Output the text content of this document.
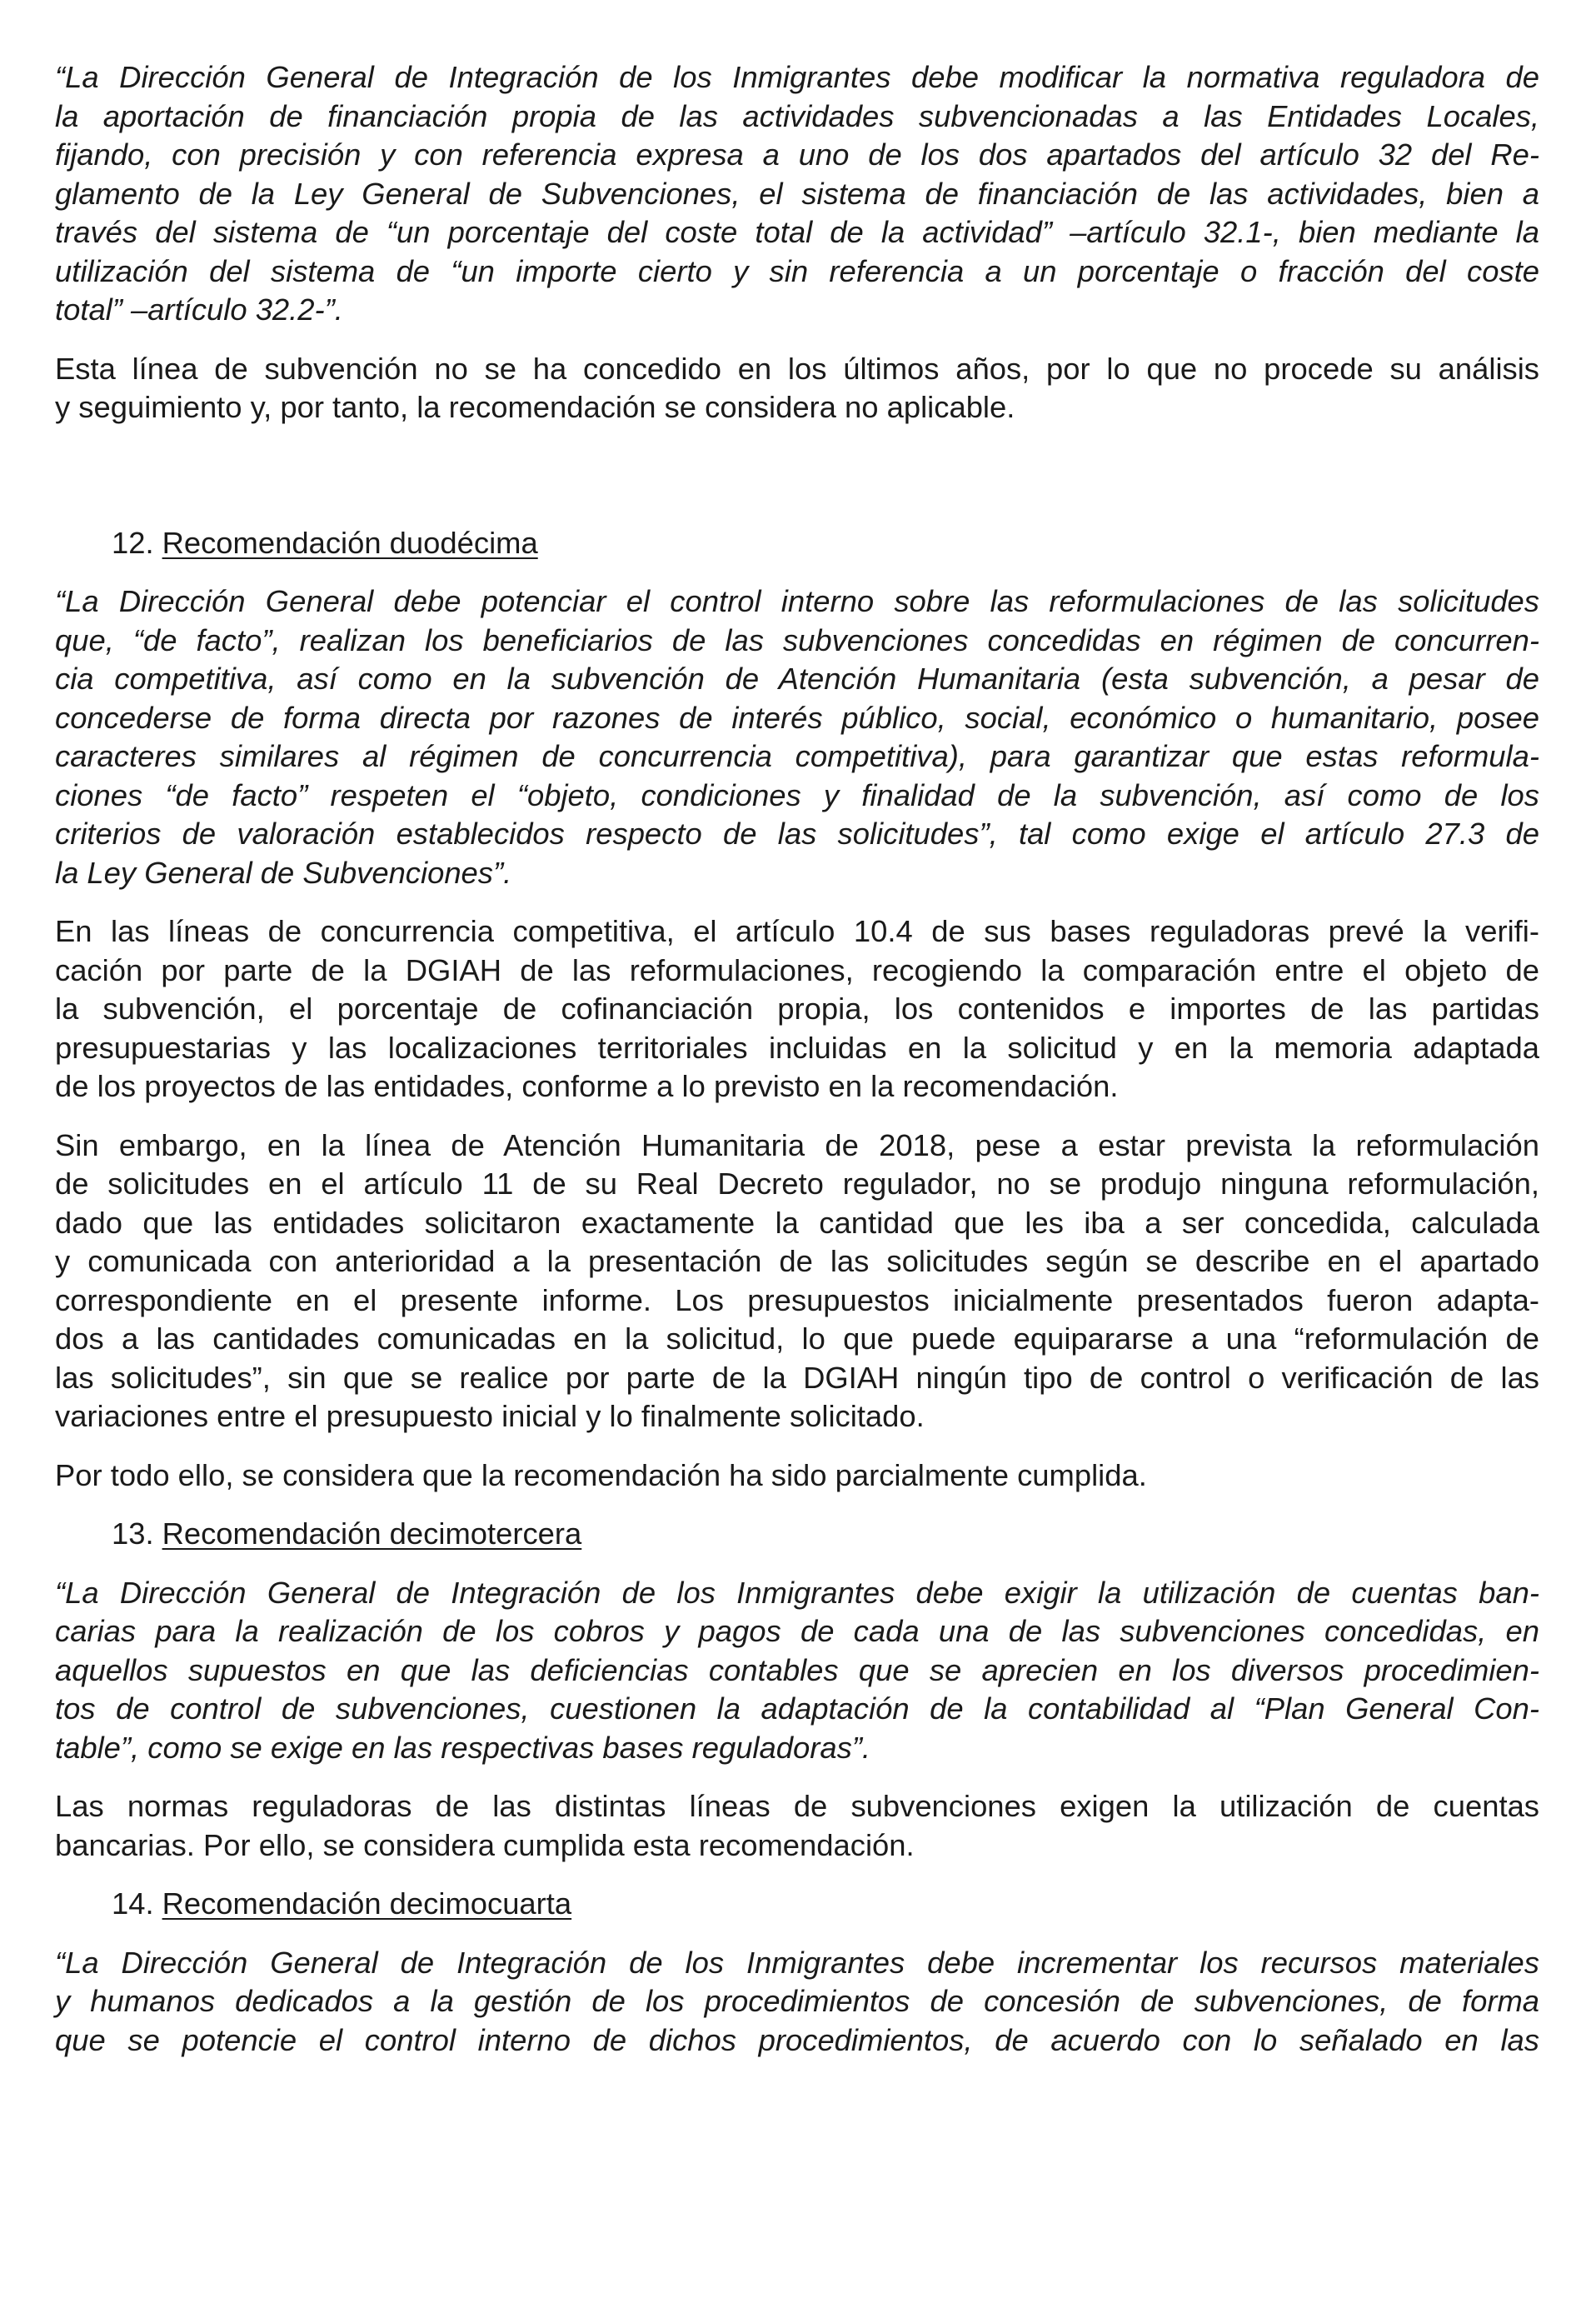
“La Dirección General de Integración de los Inmigrantes debe modificar la normativa reguladora de
la aportación de financiación propia de las actividades subvencionadas a las Entidades Locales,
fijando, con precisión y con referencia expresa a uno de los dos apartados del artículo 32 del Re-
glamento de la Ley General de Subvenciones, el sistema de financiación de las actividades, bien a
través del sistema de “un porcentaje del coste total de la actividad” –artículo 32.1-, bien mediante la
utilización del sistema de “un importe cierto y sin referencia a un porcentaje o fracción del coste
total” –artículo 32.2-”.

Esta línea de subvención no se ha concedido en los últimos años, por lo que no procede su análisis
y seguimiento y, por tanto, la recomendación se considera no aplicable.

12. Recomendación duodécima

“La Dirección General debe potenciar el control interno sobre las reformulaciones de las solicitudes
que, “de facto”, realizan los beneficiarios de las subvenciones concedidas en régimen de concurren-
cia competitiva, así como en la subvención de Atención Humanitaria (esta subvención, a pesar de
concederse de forma directa por razones de interés público, social, económico o humanitario, posee
caracteres similares al régimen de concurrencia competitiva), para garantizar que estas reformula-
ciones “de facto” respeten el “objeto, condiciones y finalidad de la subvención, así como de los
criterios de valoración establecidos respecto de las solicitudes”, tal como exige el artículo 27.3 de
la Ley General de Subvenciones”.

En las líneas de concurrencia competitiva, el artículo 10.4 de sus bases reguladoras prevé la verifi-
cación por parte de la DGIAH de las reformulaciones, recogiendo la comparación entre el objeto de
la subvención, el porcentaje de cofinanciación propia, los contenidos e importes de las partidas
presupuestarias y las localizaciones territoriales incluidas en la solicitud y en la memoria adaptada
de los proyectos de las entidades, conforme a lo previsto en la recomendación.

Sin embargo, en la línea de Atención Humanitaria de 2018, pese a estar prevista la reformulación
de solicitudes en el artículo 11 de su Real Decreto regulador, no se produjo ninguna reformulación,
dado que las entidades solicitaron exactamente la cantidad que les iba a ser concedida, calculada
y comunicada con anterioridad a la presentación de las solicitudes según se describe en el apartado
correspondiente en el presente informe. Los presupuestos inicialmente presentados fueron adapta-
dos a las cantidades comunicadas en la solicitud, lo que puede equipararse a una “reformulación de
las solicitudes”, sin que se realice por parte de la DGIAH ningún tipo de control o verificación de las
variaciones entre el presupuesto inicial y lo finalmente solicitado.

Por todo ello, se considera que la recomendación ha sido parcialmente cumplida.

13. Recomendación decimotercera

“La Dirección General de Integración de los Inmigrantes debe exigir la utilización de cuentas ban-
carias para la realización de los cobros y pagos de cada una de las subvenciones concedidas, en
aquellos supuestos en que las deficiencias contables que se aprecien en los diversos procedimien-
tos de control de subvenciones, cuestionen la adaptación de la contabilidad al “Plan General Con-
table”, como se exige en las respectivas bases reguladoras”.

Las normas reguladoras de las distintas líneas de subvenciones exigen la utilización de cuentas
bancarias. Por ello, se considera cumplida esta recomendación.

14. Recomendación decimocuarta

“La Dirección General de Integración de los Inmigrantes debe incrementar los recursos materiales
y humanos dedicados a la gestión de los procedimientos de concesión de subvenciones, de forma
que se potencie el control interno de dichos procedimientos, de acuerdo con lo señalado en las
